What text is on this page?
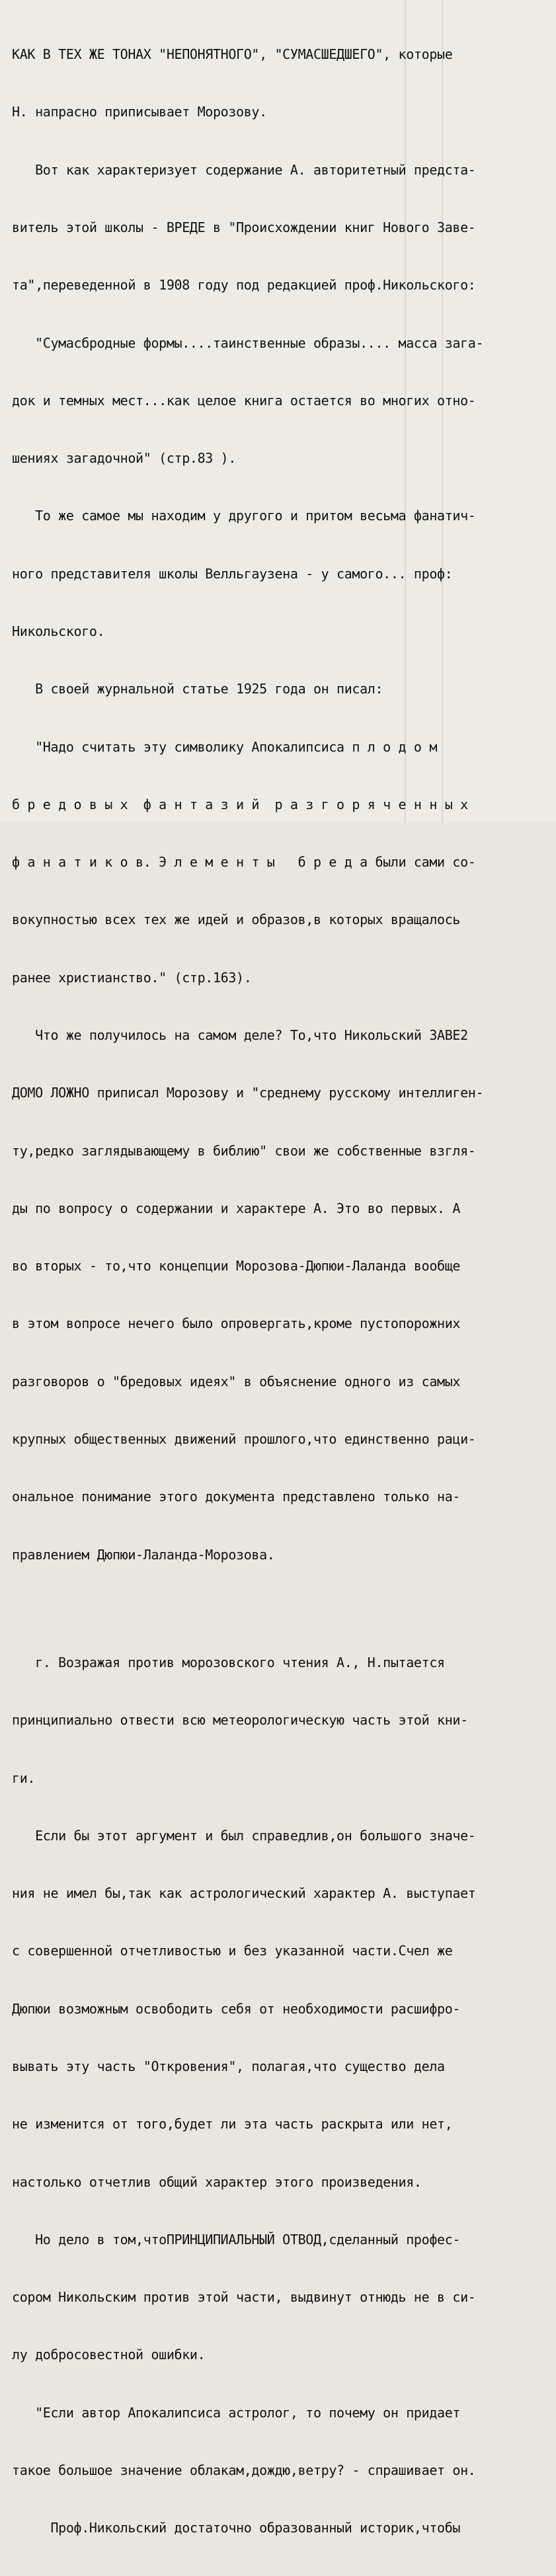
КАК В ТЕХ ЖЕ ТОНАХ "НЕПОНЯТНОГО", "СУМАСШЕДШЕГО", которые

Н. напрасно приписывает Морозову.

Вот как характеризует содержание А. авторитетный предста-

витель этой школы - ВРЕДЕ в "Происхождении книг Нового Заве-

та",переведенной в 1908 году под редакцией проф.Никольского:

"Сумасбродные формы....таинственные образы.... масса зага-

док и темных мест...как целое книга остается во многих отно-

шениях загадочной" (стр.83 ).

То же самое мы находим у другого и притом весьма фанатич-

ного представителя школы Велльгаузена - у самого... проф:

Никольского.

В своей журнальной статье 1925 года он писал:

"Надо считать эту символику Апокалипсиса п л о д о м

б р е д о в ы х  ф а н т а з и й  р а з г о р я ч е н н ы х

ф а н а т и к о в. Э л е м е н т ы   б р е д а были сами со-

вокупностью всех тех же идей и образов,в которых вращалось

ранее христианство." (стр.163).

Что же получилось на самом деле? То,что Никольский ЗАВЕ2

ДОМО ЛОЖНО приписал Морозову и "среднему русскому интеллиген-

ту,редко заглядывающему в библию" свои же собственные взгля-

ды по вопросу о содержании и характере А. Это во первых. А

во вторых - то,что концепции Морозова-Дюпюи-Лаланда вообще

в этом вопросе нечего было опровергать,кроме пустопорожних

разговоров о "бредовых идеях" в объяснение одного из самых

крупных общественных движений прошлого,что единственно раци-

ональное понимание этого документа представлено только на-

правлением Дюпюи-Лаланда-Морозова.

г. Возражая против морозовского чтения А., Н.пытается

принципиально отвести всю метеорологическую часть этой кни-

ги.

Если бы этот аргумент и был справедлив,он большого значе-

ния не имел бы,так как астрологический характер А. выступает

с совершенной отчетливостью и без указанной части.Счел же

Дюпюи возможным освободить себя от необходимости расшифро-

вывать эту часть "Откровения", полагая,что существо дела

не изменится от того,будет ли эта часть раскрыта или нет,

настолько отчетлив общий характер этого произведения.

Но дело в том,чтоПРИНЦИПИАЛЬНЫЙ ОТВОД,сделанный профес-

сором Никольским против этой части, выдвинут отнюдь не в си-

лу добросовестной ошибки.

"Если автор Апокалипсиса астролог, то почему он придает

такое большое значение облакам,дождю,ветру? - спрашивает он.

Проф.Никольский достаточно образованный историк,чтобы
